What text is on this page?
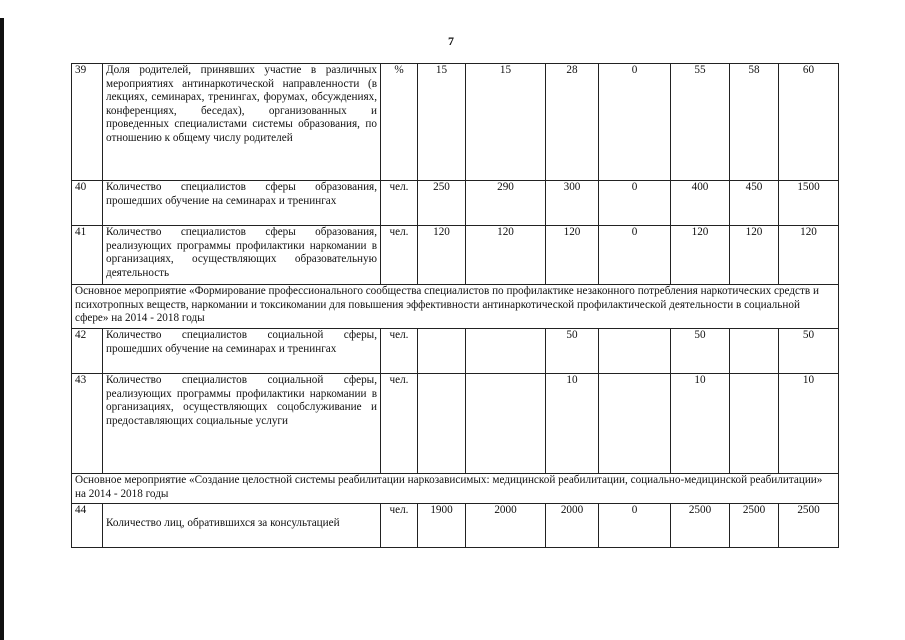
7
39	Доля родителей, принявших участие в различных мероприятиях антинаркотической направленности (в лекциях, семинарах, тренингах, форумах, обсуждениях, конференциях, беседах), организованных и проведенных специалистами системы образования, по отношению к общему числу родителей	%	15	15	28	0	55	58	60
40	Количество специалистов сферы образования, прошедших обучение на семинарах и тренингах	чел.	250	290	300	0	400	450	1500
41	Количество специалистов сферы образования, реализующих программы профилактики наркомании в организациях, осуществляющих образовательную деятельность	чел.	120	120	120	0	120	120	120
Основное мероприятие «Формирование профессионального сообщества специалистов по профилактике незаконного потребления наркотических средств и психотропных веществ, наркомании и токсикомании для повышения эффективности антинаркотической профилактической деятельности в социальной сфере» на 2014 - 2018 годы									
42	Количество специалистов социальной сферы, прошедших обучение на семинарах и тренингах	чел.			50		50		50
43	Количество специалистов социальной сферы, реализующих программы профилактики наркомании в организациях, осуществляющих соцобслуживание и предоставляющих социальные услуги	чел.			10		10		10
Основное мероприятие «Создание целостной системы реабилитации наркозависимых: медицинской реабилитации, социально-медицинской реабилитации» на 2014 - 2018 годы									
44	Количество лиц, обратившихся за консультацией	чел.	1900	2000	2000	0	2500	2500	2500
